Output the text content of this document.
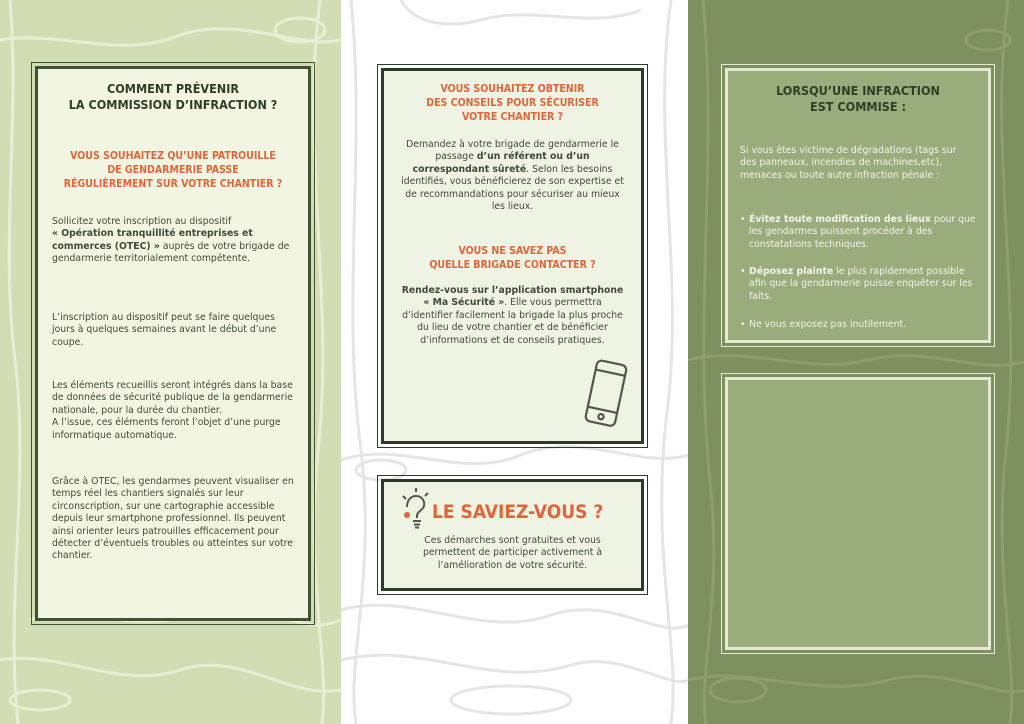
COMMENT PRÉVENIR
LA COMMISSION D’INFRACTION ?
VOUS SOUHAITEZ QU’UNE PATROUILLE
DE GENDARMERIE PASSE
RÉGULIÈREMENT SUR VOTRE CHANTIER ?
Sollicitez votre inscription au dispositif
« Opération tranquillité entreprises et commerces (OTEC) » auprès de votre brigade de gendarmerie territorialement compétente.
L’inscription au dispositif peut se faire quelques jours à quelques semaines avant le début d’une coupe.
Les éléments recueillis seront intégrés dans la base de données de sécurité publique de la gendarmerie nationale, pour la durée du chantier.
A l’issue, ces éléments feront l’objet d’une purge informatique automatique.
Grâce à OTEC, les gendarmes peuvent visualiser en temps réel les chantiers signalés sur leur circonscription, sur une cartographie accessible depuis leur smartphone professionnel. Ils peuvent ainsi orienter leurs patrouilles efficacement pour détecter d’éventuels troubles ou atteintes sur votre chantier.
VOUS SOUHAITEZ OBTENIR
DES CONSEILS POUR SÉCURISER
VOTRE CHANTIER ?
Demandez à votre brigade de gendarmerie le passage d’un référent ou d’un correspondant sûreté. Selon les besoins identifiés, vous bénéficierez de son expertise et de recommandations pour sécuriser au mieux les lieux.
VOUS NE SAVEZ PAS
QUELLE BRIGADE CONTACTER ?
Rendez-vous sur l’application smartphone « Ma Sécurité ». Elle vous permettra d’identifier facilement la brigade la plus proche du lieu de votre chantier et de bénéficier d’informations et de conseils pratiques.
Ces démarches sont gratuites et vous permettent de participer activement à l’amélioration de votre sécurité.
LE SAVIEZ-VOUS ?
LORSQU’UNE INFRACTION
EST COMMISE :
Si vous êtes victime de dégradations (tags sur des panneaux, incendies de machines,etc), menaces ou toute autre infraction pénale :
• Évitez toute modification des lieux pour que les gendarmes puissent procéder à des constatations techniques.
• Déposez plainte le plus rapidement possible afin que la gendarmerie puisse enquêter sur les faits.
• Ne vous exposez pas inutilement.
